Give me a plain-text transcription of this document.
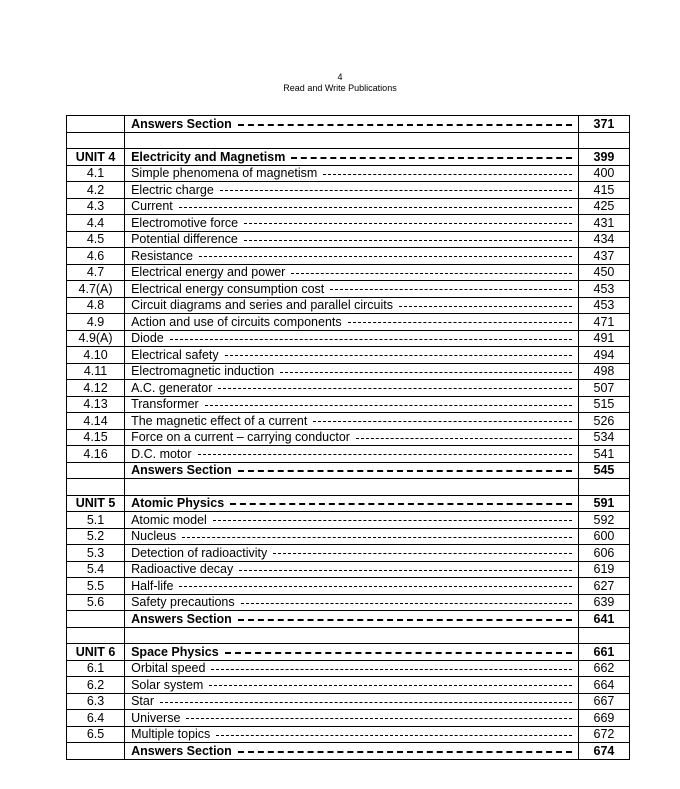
4
Read and Write Publications

	Answers Section	371

UNIT 4	Electricity and Magnetism	399
4.1	Simple phenomena of magnetism	400
4.2	Electric charge	415
4.3	Current	425
4.4	Electromotive force	431
4.5	Potential difference	434
4.6	Resistance	437
4.7	Electrical energy and power	450
4.7(A)	Electrical energy consumption cost	453
4.8	Circuit diagrams and series and parallel circuits	453
4.9	Action and use of circuits components	471
4.9(A)	Diode	491
4.10	Electrical safety	494
4.11	Electromagnetic induction	498
4.12	A.C. generator	507
4.13	Transformer	515
4.14	The magnetic effect of a current	526
4.15	Force on a current – carrying conductor	534
4.16	D.C. motor	541

	Answers Section	545

UNIT 5	Atomic Physics	591
5.1	Atomic model	592
5.2	Nucleus	600
5.3	Detection of radioactivity	606
5.4	Radioactive decay	619
5.5	Half-life	627
5.6	Safety precautions	639

	Answers Section	641

UNIT 6	Space Physics	661
6.1	Orbital speed	662
6.2	Solar system	664
6.3	Star	667
6.4	Universe	669
6.5	Multiple topics	672

	Answers Section	674
